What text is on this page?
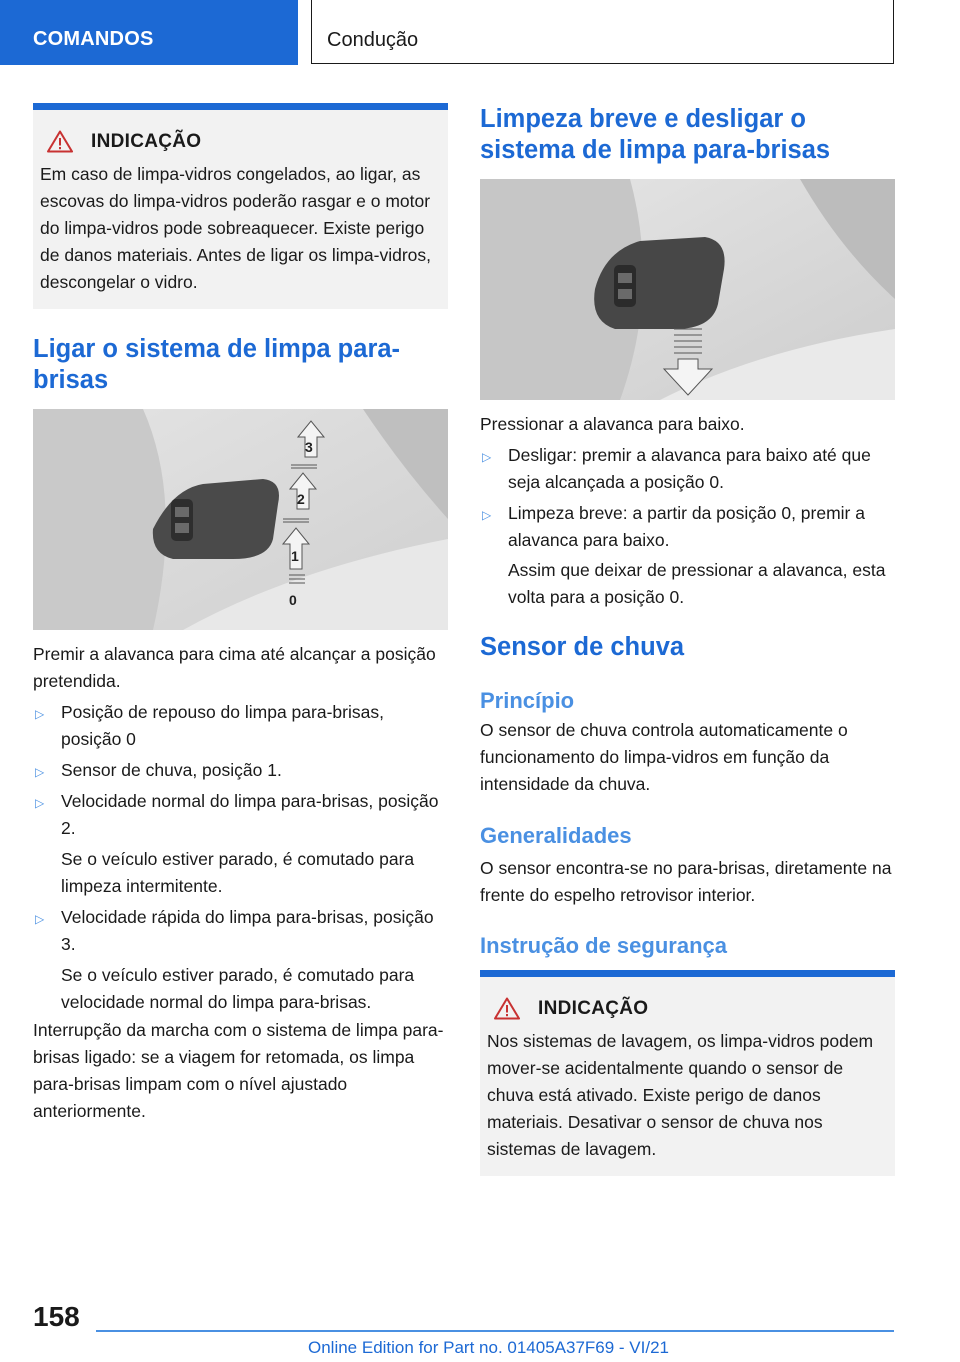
COMANDOS	Condução
INDICAÇÃO
Em caso de limpa-vidros congelados, ao ligar, as escovas do limpa-vidros poderão rasgar e o motor do limpa-vidros pode sobreaquecer. Existe perigo de danos materiais. Antes de ligar os limpa-vidros, descongelar o vidro.
Ligar o sistema de limpa para-brisas
3
2
1
0
Premir a alavanca para cima até alcançar a posição pretendida.
▷ Posição de repouso do limpa para-brisas, posição 0
▷ Sensor de chuva, posição 1.
▷ Velocidade normal do limpa para-brisas, posição 2.
Se o veículo estiver parado, é comutado para limpeza intermitente.
▷ Velocidade rápida do limpa para-brisas, posição 3.
Se o veículo estiver parado, é comutado para velocidade normal do limpa para-brisas.
Interrupção da marcha com o sistema de limpa para-brisas ligado: se a viagem for retomada, os limpa para-brisas limpam com o nível ajustado anteriormente.
Limpeza breve e desligar o sistema de limpa para-brisas
Pressionar a alavanca para baixo.
▷ Desligar: premir a alavanca para baixo até que seja alcançada a posição 0.
▷ Limpeza breve: a partir da posição 0, premir a alavanca para baixo.
Assim que deixar de pressionar a alavanca, esta volta para a posição 0.
Sensor de chuva
Princípio
O sensor de chuva controla automaticamente o funcionamento do limpa-vidros em função da intensidade da chuva.
Generalidades
O sensor encontra-se no para-brisas, diretamente na frente do espelho retrovisor interior.
Instrução de segurança
INDICAÇÃO
Nos sistemas de lavagem, os limpa-vidros podem mover-se acidentalmente quando o sensor de chuva está ativado. Existe perigo de danos materiais. Desativar o sensor de chuva nos sistemas de lavagem.
158
Online Edition for Part no. 01405A37F69 - VI/21
